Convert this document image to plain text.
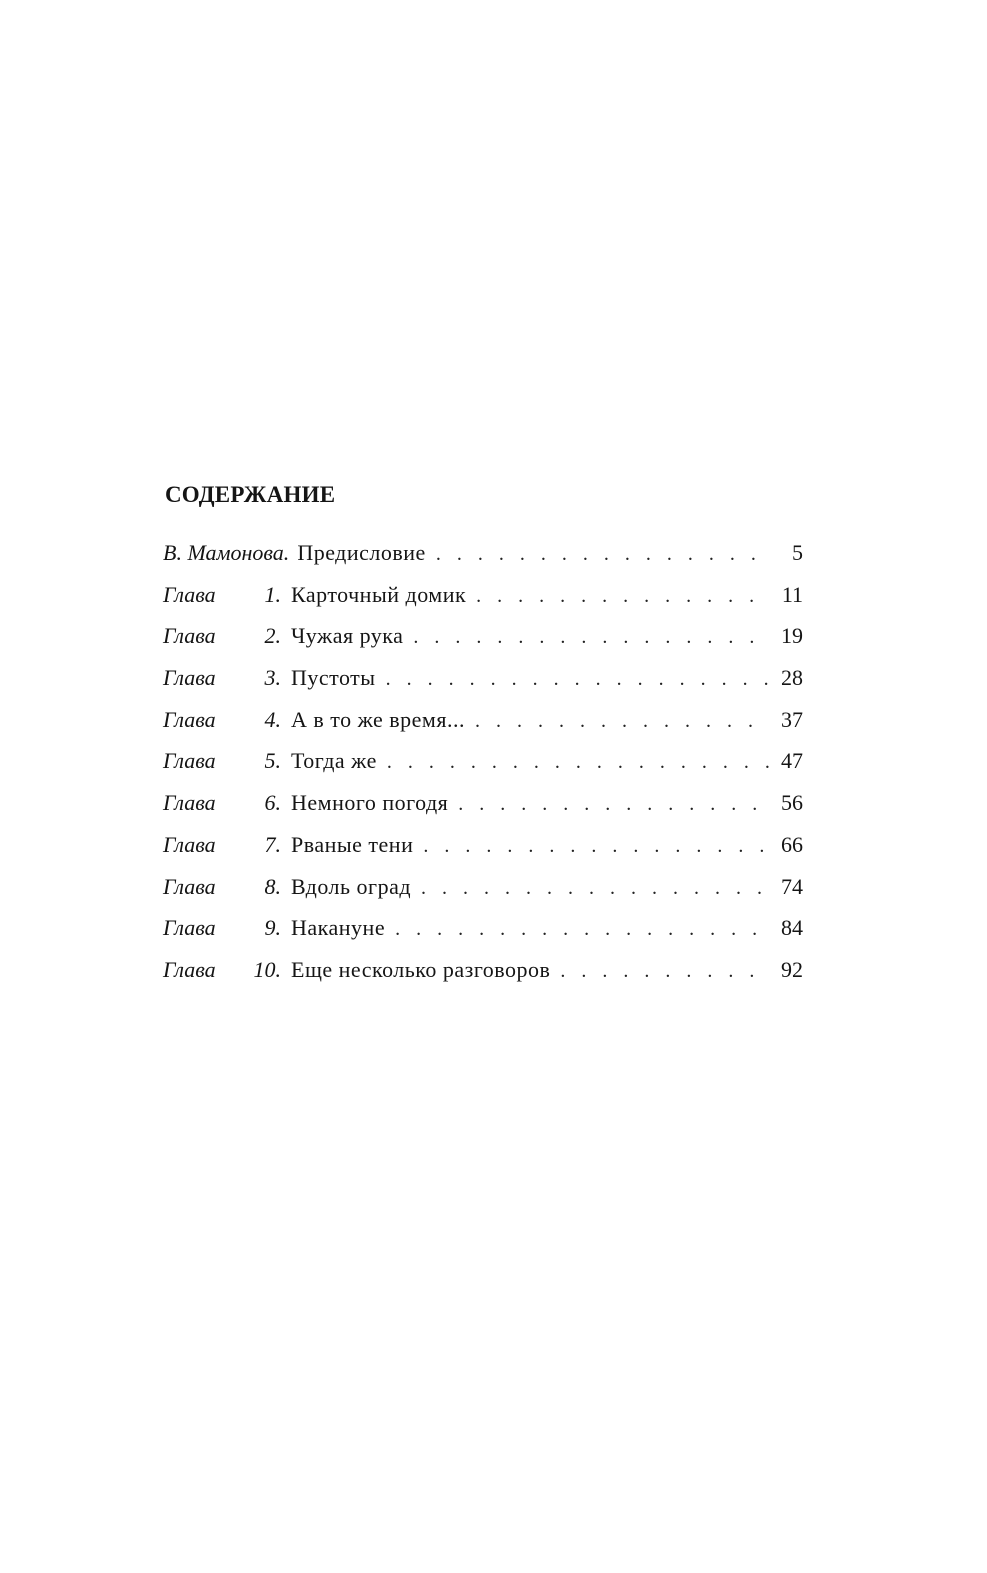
СОДЕРЖАНИЕ
В. Мамонова. Предисловие . . .	5
Глава	1. Карточный домик . . .	11
Глава	2. Чужая рука . . .	19
Глава	3. Пустоты . . .	28
Глава	4. А в то же время... . . .	37
Глава	5. Тогда же . . .	47
Глава	6. Немного погодя . . .	56
Глава	7. Рваные тени . . .	66
Глава	8. Вдоль оград . . .	74
Глава	9. Накануне . . .	84
Глава	10. Еще несколько разговоров . . .	92
